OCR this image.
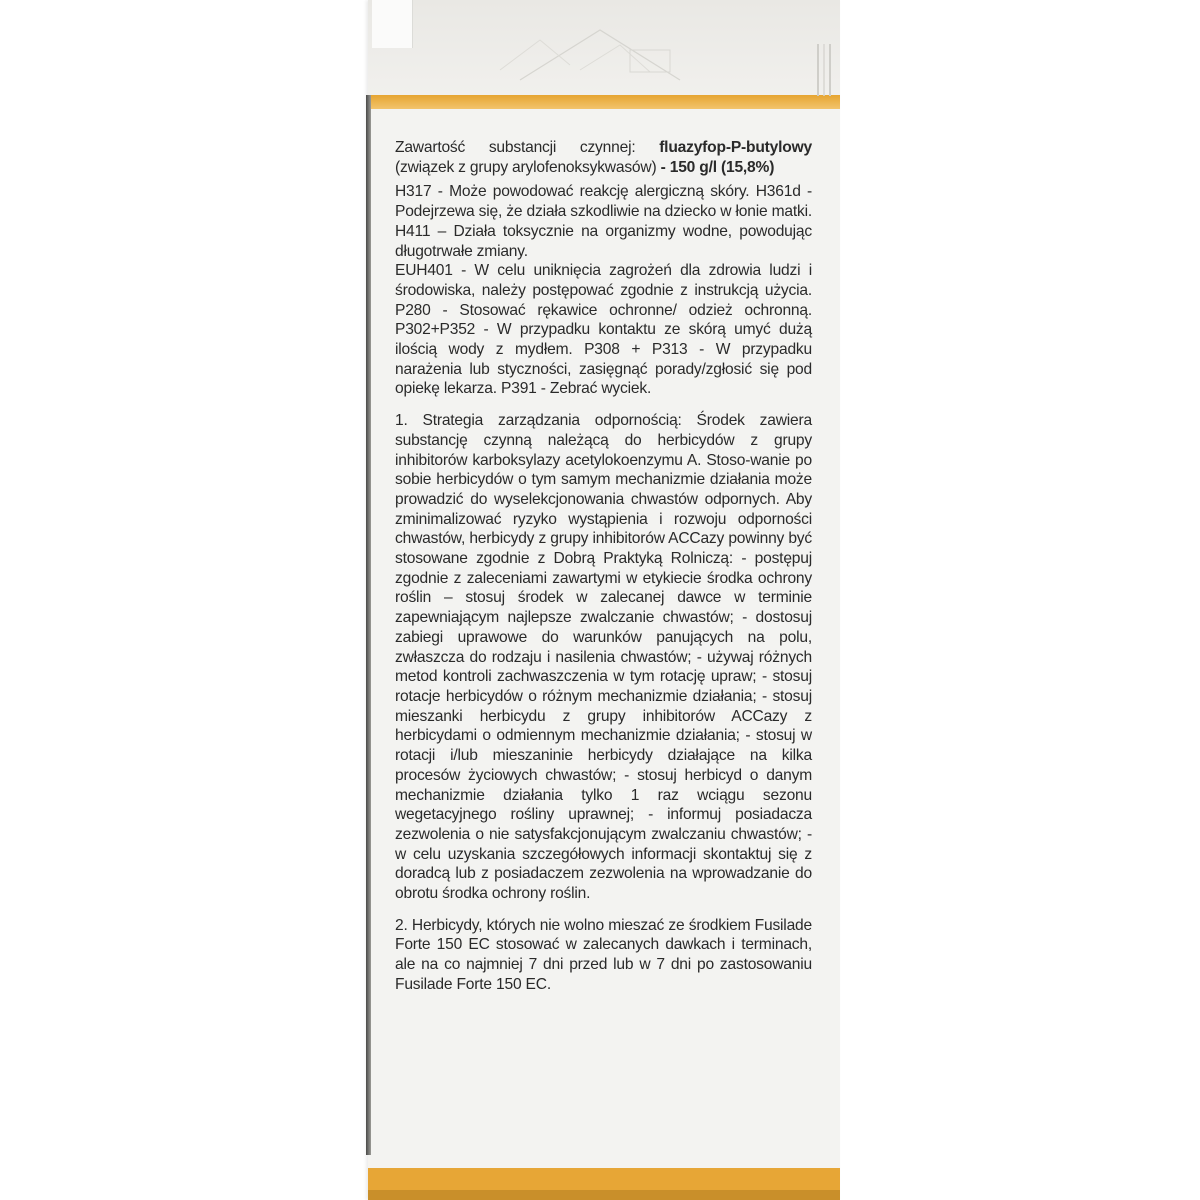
Zawartość substancji czynnej: fluazyfop-P-butylowy (związek z grupy arylofenoksykwasów) - 150 g/l (15,8%)

H317 - Może powodować reakcję alergiczną skóry. H361d - Podejrzewa się, że działa szkodliwie na dziecko w łonie matki. H411 – Działa toksycznie na organizmy wodne, powodując długotrwałe zmiany.

EUH401 - W celu uniknięcia zagrożeń dla zdrowia ludzi i środowiska, należy postępować zgodnie z instrukcją użycia. P280 - Stosować rękawice ochronne/ odzież ochronną. P302+P352 - W przypadku kontaktu ze skórą umyć dużą ilością wody z mydłem. P308 + P313 - W przypadku narażenia lub styczności, zasięgnąć porady/zgłosić się pod opiekę lekarza. P391 - Zebrać wyciek.

1. Strategia zarządzania odpornością: Środek zawiera substancję czynną należącą do herbicydów z grupy inhibitorów karboksylazy acetylokoenzymu A. Stoso-wanie po sobie herbicydów o tym samym mechanizmie działania może prowadzić do wyselekcjonowania chwastów odpornych. Aby zminimalizować ryzyko wystąpienia i rozwoju odporności chwastów, herbicydy z grupy inhibitorów ACCazy powinny być stosowane zgodnie z Dobrą Praktyką Rolniczą: - postępuj zgodnie z zaleceniami zawartymi w etykiecie środka ochrony roślin – stosuj środek w zalecanej dawce w terminie zapewniającym najlepsze zwalczanie chwastów; - dostosuj zabiegi uprawowe do warunków panujących na polu, zwłaszcza do rodzaju i nasilenia chwastów; - używaj różnych metod kontroli zachwaszczenia w tym rotację upraw; - stosuj rotacje herbicydów o różnym mechanizmie działania; - stosuj mieszanki herbicydu z grupy inhibitorów ACCazy z herbicydami o odmiennym mechanizmie działania; - stosuj w rotacji i/lub mieszaninie herbicydy działające na kilka procesów życiowych chwastów; - stosuj herbicyd o danym mechanizmie działania tylko 1 raz wciągu sezonu wegetacyjnego rośliny uprawnej; - informuj posiadacza zezwolenia o nie satysfakcjonującym zwalczaniu chwastów; - w celu uzyskania szczegółowych informacji skontaktuj się z doradcą lub z posiadaczem zezwolenia na wprowadzanie do obrotu środka ochrony roślin.

2. Herbicydy, których nie wolno mieszać ze środkiem Fusilade Forte 150 EC stosować w zalecanych dawkach i terminach, ale na co najmniej 7 dni przed lub w 7 dni po zastosowaniu Fusilade Forte 150 EC.
